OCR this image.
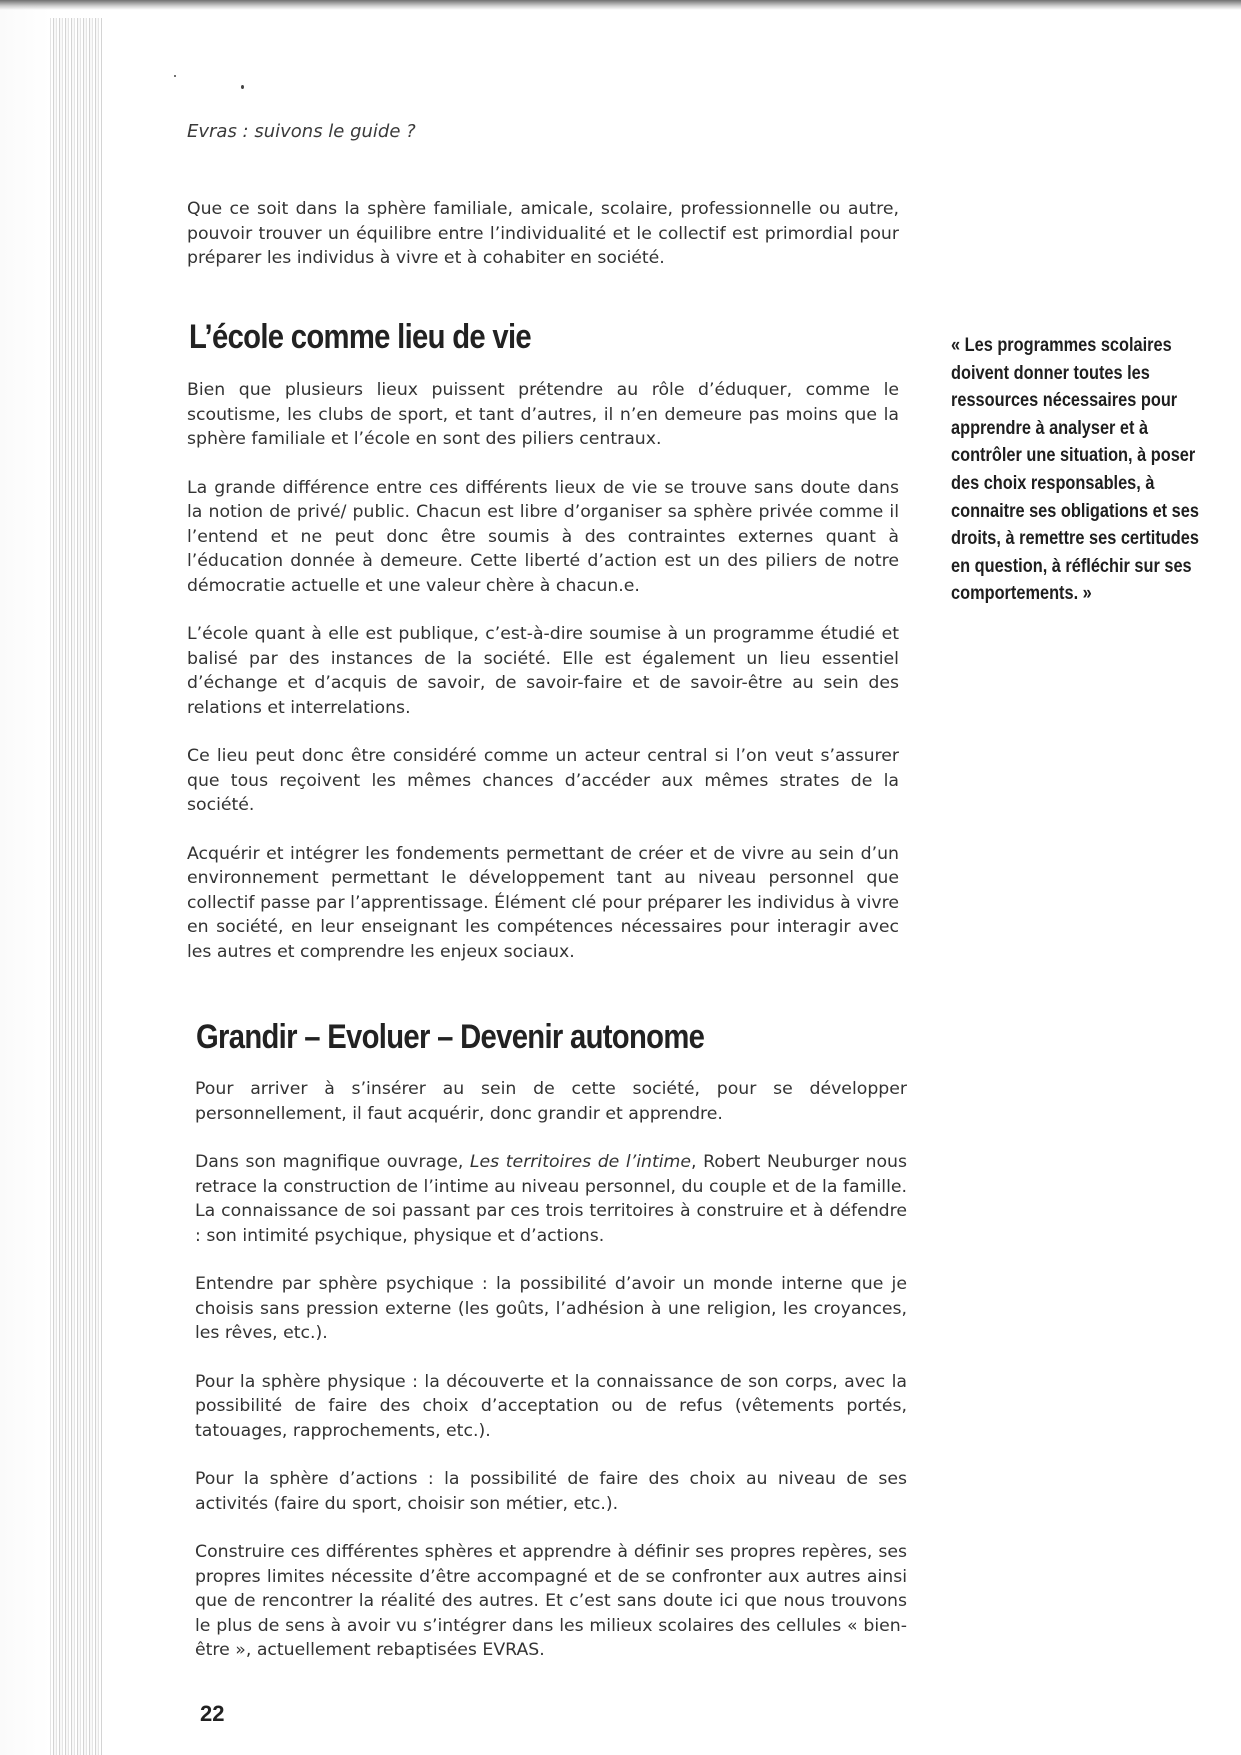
Evras : suivons le guide ?

Que ce soit dans la sphère familiale, amicale, scolaire, professionnelle ou autre, pouvoir trouver un équilibre entre l’individualité et le collectif est primordial pour préparer les individus à vivre et à cohabiter en société.

L’école comme lieu de vie

Bien que plusieurs lieux puissent prétendre au rôle d’éduquer, comme le scoutisme, les clubs de sport, et tant d’autres, il n’en demeure pas moins que la sphère familiale et l’école en sont des piliers centraux.

La grande différence entre ces différents lieux de vie se trouve sans doute dans la notion de privé/ public. Chacun est libre d’organiser sa sphère privée comme il l’entend et ne peut donc être soumis à des contraintes externes quant à l’éducation donnée à demeure. Cette liberté d’action est un des piliers de notre démocratie actuelle et une valeur chère à chacun.e.

L’école quant à elle est publique, c’est-à-dire soumise à un programme étudié et balisé par des instances de la société. Elle est également un lieu essentiel d’échange et d’acquis de savoir, de savoir-faire et de savoir-être au sein des relations et interrelations.

Ce lieu peut donc être considéré comme un acteur central si l’on veut s’assurer que tous reçoivent les mêmes chances d’accéder aux mêmes strates de la société.

Acquérir et intégrer les fondements permettant de créer et de vivre au sein d’un environnement permettant le développement tant au niveau personnel que collectif passe par l’apprentissage. Élément clé pour préparer les individus à vivre en société, en leur enseignant les compétences nécessaires pour interagir avec les autres et comprendre les enjeux sociaux.

Grandir – Evoluer – Devenir autonome

Pour arriver à s’insérer au sein de cette société, pour se développer personnellement, il faut acquérir, donc grandir et apprendre.

Dans son magnifique ouvrage, Les territoires de l’intime, Robert Neuburger nous retrace la construction de l’intime au niveau personnel, du couple et de la famille. La connaissance de soi passant par ces trois territoires à construire et à défendre : son intimité psychique, physique et d’actions.

Entendre par sphère psychique : la possibilité d’avoir un monde interne que je choisis sans pression externe (les goûts, l’adhésion à une religion, les croyances, les rêves, etc.).

Pour la sphère physique : la découverte et la connaissance de son corps, avec la possibilité de faire des choix d’acceptation ou de refus (vêtements portés, tatouages, rapprochements, etc.).

Pour la sphère d’actions : la possibilité de faire des choix au niveau de ses activités (faire du sport, choisir son métier, etc.).

Construire ces différentes sphères et apprendre à définir ses propres repères, ses propres limites nécessite d’être accompagné et de se confronter aux autres ainsi que de rencontrer la réalité des autres. Et c’est sans doute ici que nous trouvons le plus de sens à avoir vu s’intégrer dans les milieux scolaires des cellules « bien-être », actuellement rebaptisées EVRAS.

« Les programmes scolaires doivent donner toutes les ressources nécessaires pour apprendre à analyser et à contrôler une situation, à poser des choix responsables, à connaitre ses obligations et ses droits, à remettre ses certitudes en question, à réfléchir sur ses comportements. »
22
